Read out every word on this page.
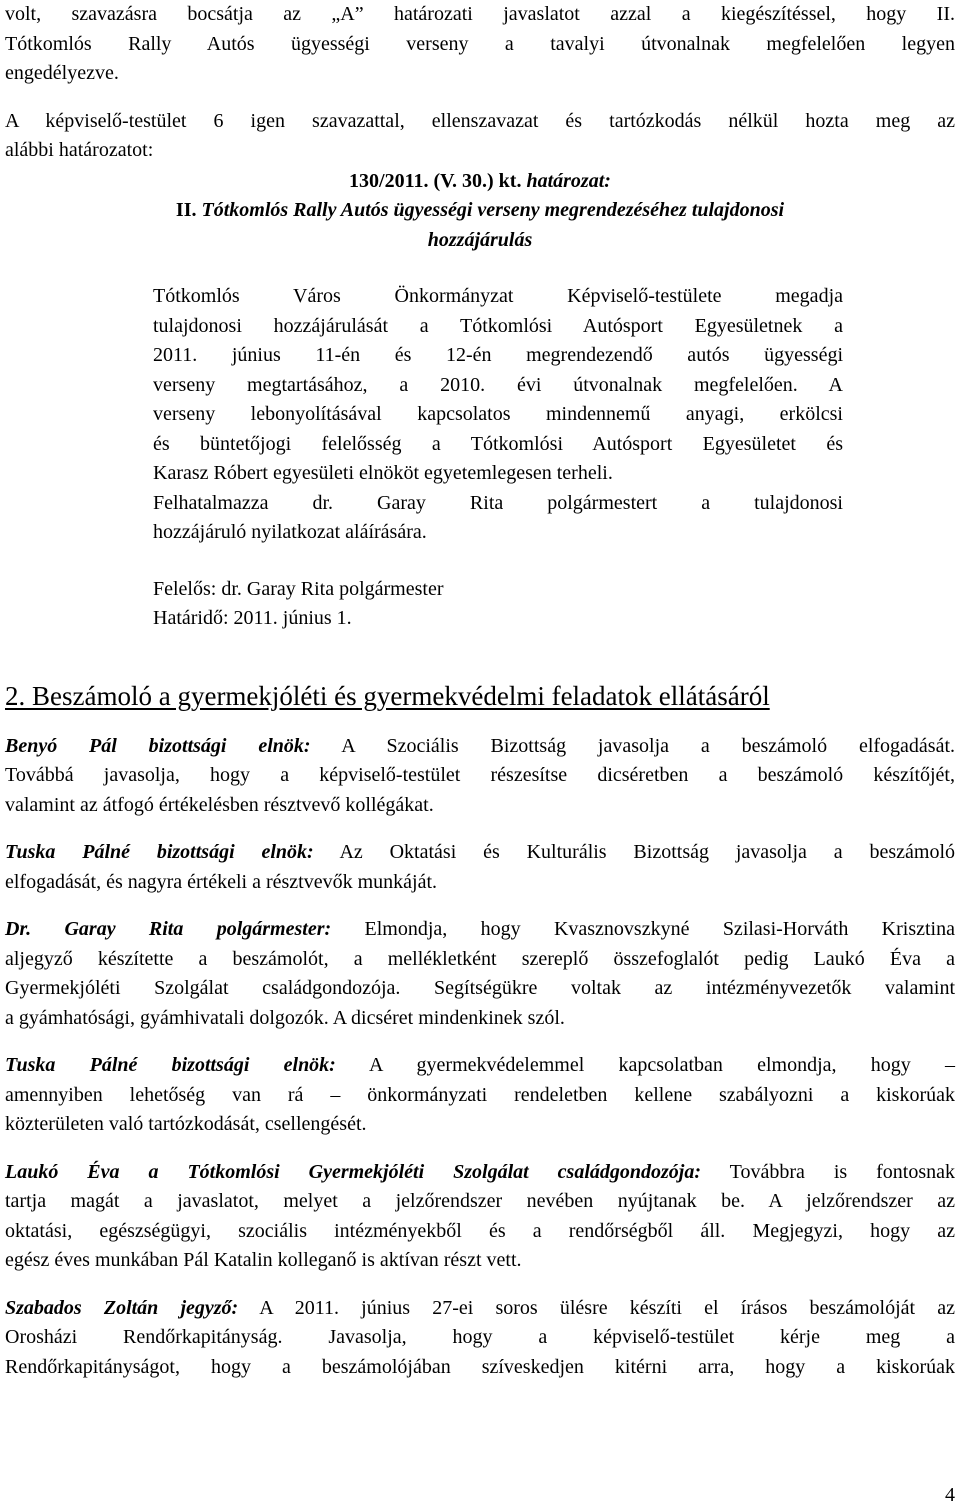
volt, szavazásra bocsátja az „A” határozati javaslatot azzal a kiegészítéssel, hogy II.

Tótkomlós Rally Autós ügyességi verseny a tavalyi útvonalnak megfelelően legyen

engedélyezve.

A képviselő-testület 6 igen szavazattal, ellenszavazat és tartózkodás nélkül hozta meg az

alábbi határozatot:

130/2011. (V. 30.) kt. határozat:

II. Tótkomlós Rally Autós ügyességi verseny megrendezéséhez tulajdonosi

hozzájárulás

Tótkomlós Város Önkormányzat Képviselő-testülete megadja

tulajdonosi hozzájárulását a Tótkomlósi Autósport Egyesületnek a

2011. június 11-én és 12-én megrendezendő autós ügyességi

verseny megtartásához, a 2010. évi útvonalnak megfelelően. A

verseny lebonyolításával kapcsolatos mindennemű anyagi, erkölcsi

és büntetőjogi felelősség a Tótkomlósi Autósport Egyesületet és

Karasz Róbert egyesületi elnököt egyetemlegesen terheli.

Felhatalmazza dr. Garay Rita polgármestert a tulajdonosi

hozzájáruló nyilatkozat aláírására.

Felelős: dr. Garay Rita polgármester

Határidő: 2011. június 1.

2. Beszámoló a gyermekjóléti és gyermekvédelmi feladatok ellátásáról

Benyó Pál bizottsági elnök: A Szociális Bizottság javasolja a beszámoló elfogadását.

Továbbá javasolja, hogy a képviselő-testület részesítse dicséretben a beszámoló készítőjét,

valamint az átfogó értékelésben résztvevő kollégákat.

Tuska Pálné bizottsági elnök: Az Oktatási és Kulturális Bizottság javasolja a beszámoló

elfogadását, és nagyra értékeli a résztvevők munkáját.

Dr. Garay Rita polgármester: Elmondja, hogy Kvasznovszkyné Szilasi-Horváth Krisztina

aljegyző készítette a beszámolót, a mellékletként szereplő összefoglalót pedig Laukó Éva a

Gyermekjóléti Szolgálat családgondozója. Segítségükre voltak az intézményvezetők valamint

a gyámhatósági, gyámhivatali dolgozók. A dicséret mindenkinek szól.

Tuska Pálné bizottsági elnök: A gyermekvédelemmel kapcsolatban elmondja, hogy –

amennyiben lehetőség van rá – önkormányzati rendeletben kellene szabályozni a kiskorúak

közterületen való tartózkodását, csellengését.

Laukó Éva a Tótkomlósi Gyermekjóléti Szolgálat családgondozója: Továbbra is fontosnak

tartja magát a javaslatot, melyet a jelzőrendszer nevében nyújtanak be. A jelzőrendszer az

oktatási, egészségügyi, szociális intézményekből és a rendőrségből áll. Megjegyzi, hogy az

egész éves munkában Pál Katalin kolleganő is aktívan részt vett.

Szabados Zoltán jegyző: A 2011. június 27-ei soros ülésre készíti el írásos beszámolóját az

Orosházi Rendőrkapitányság. Javasolja, hogy a képviselő-testület kérje meg a

Rendőrkapitányságot, hogy a beszámolójában szíveskedjen kitérni arra, hogy a kiskorúak

4
